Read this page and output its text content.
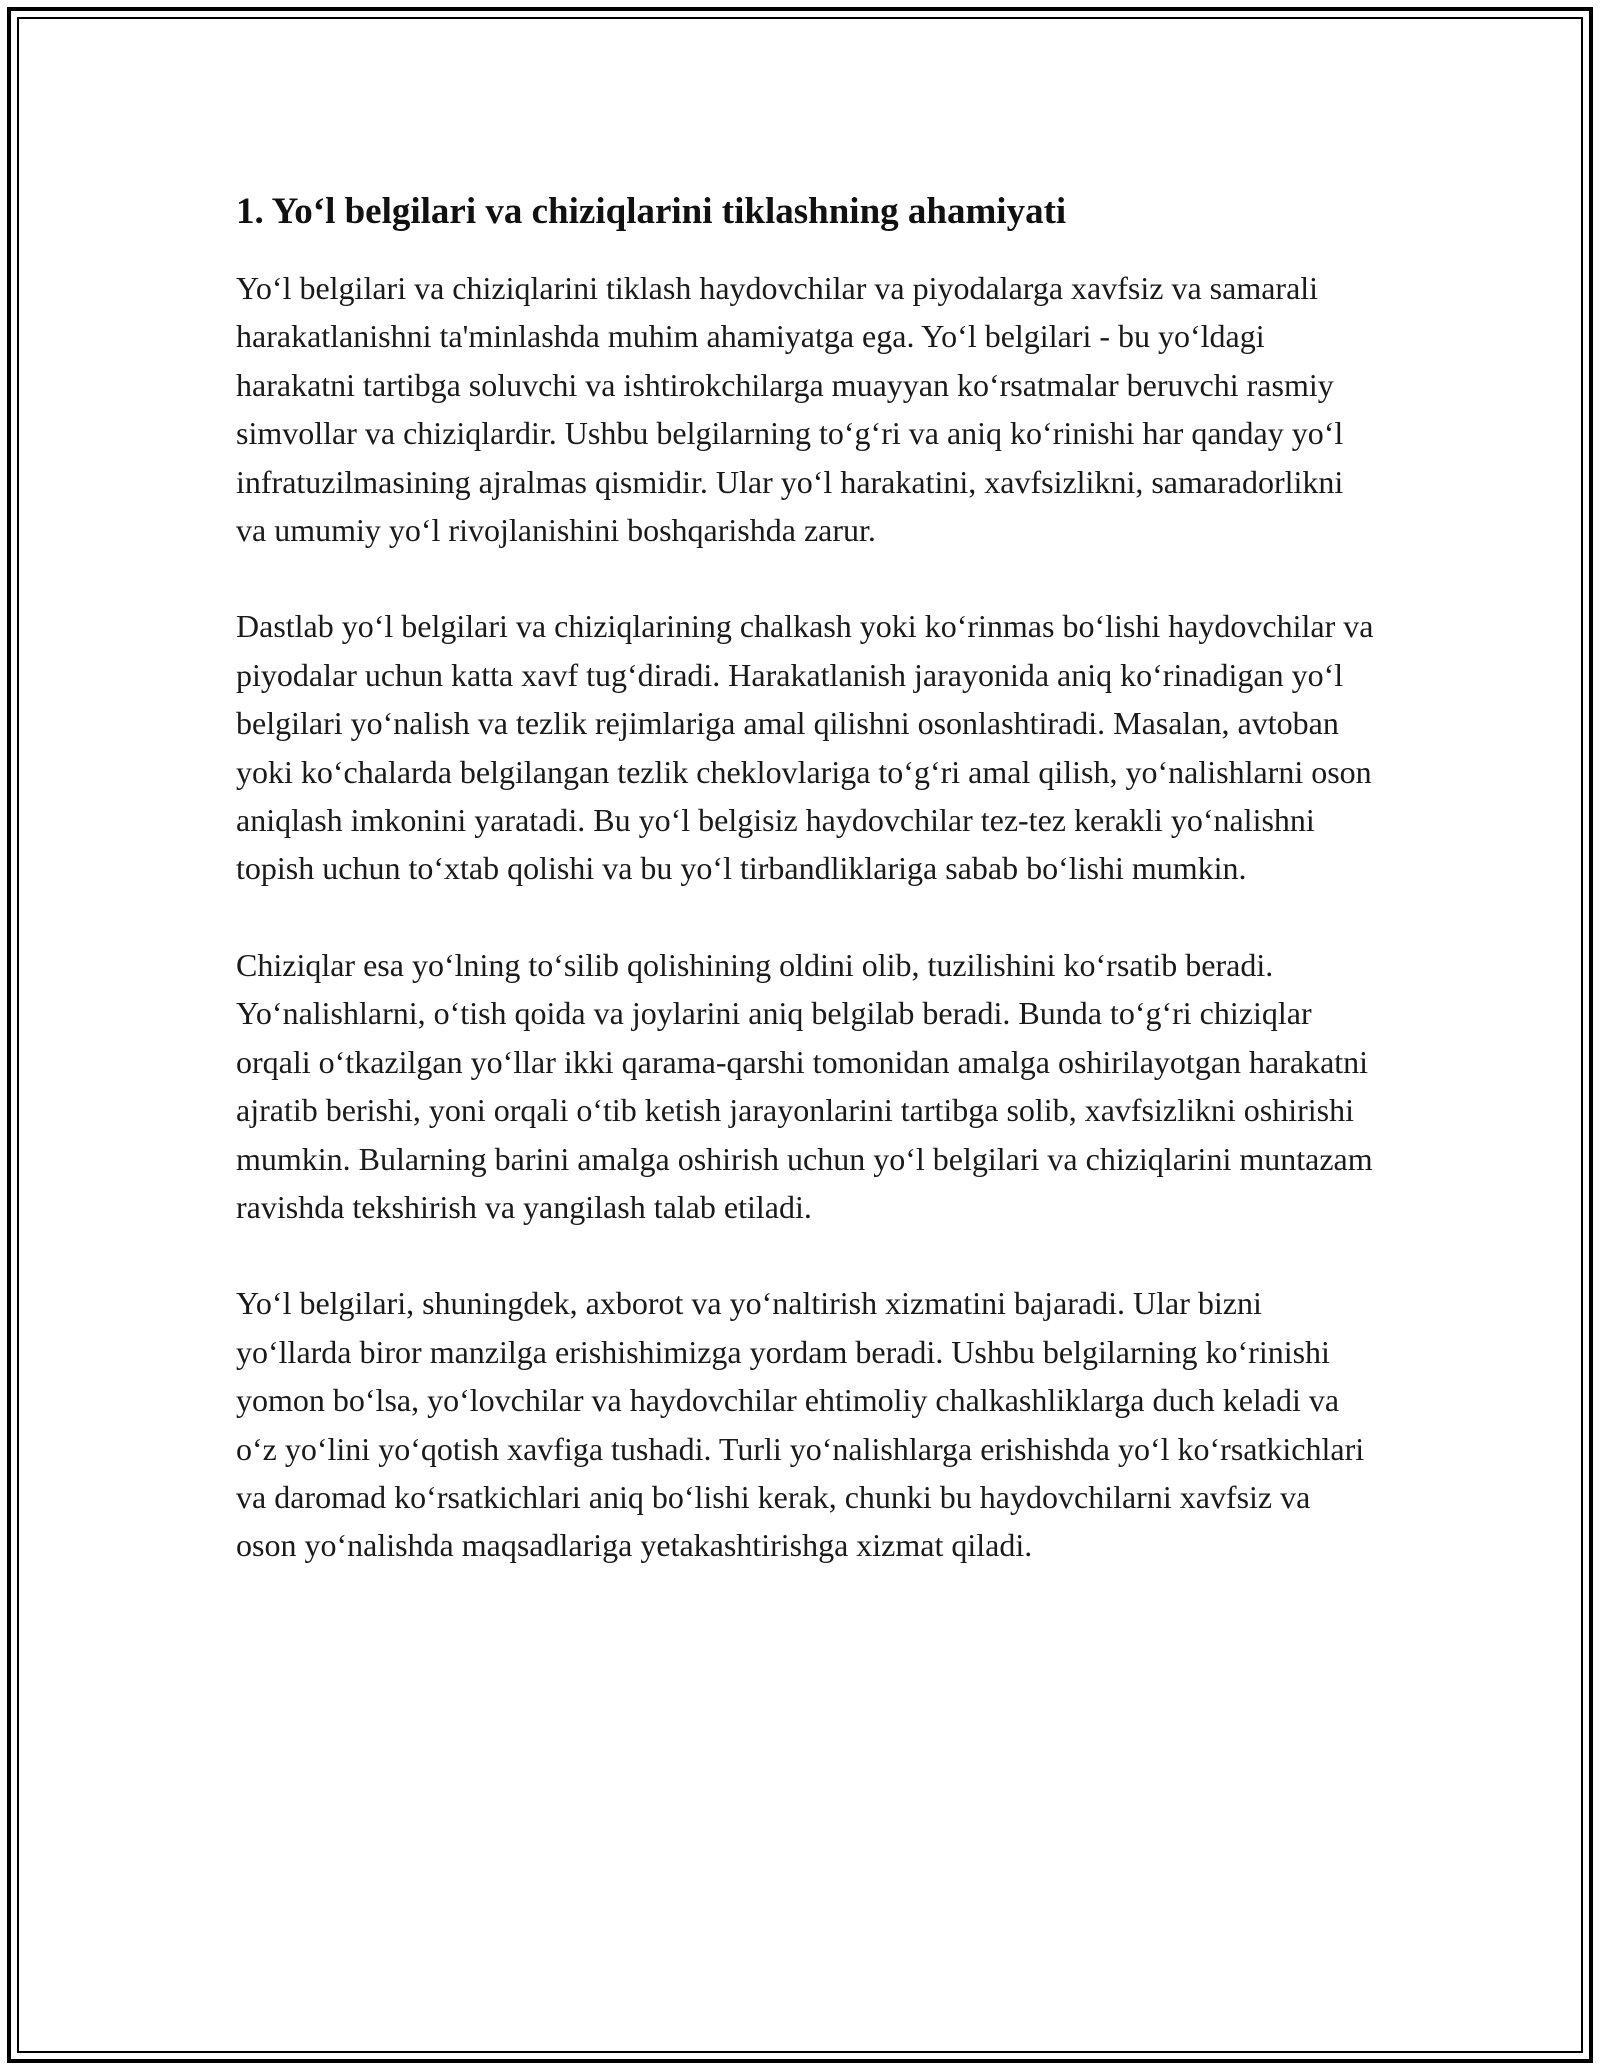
1. Yo‘l belgilari va chiziqlarini tiklashning ahamiyati

Yo‘l belgilari va chiziqlarini tiklash haydovchilar va piyodalarga xavfsiz va samarali harakatlanishni ta'minlashda muhim ahamiyatga ega. Yo‘l belgilari - bu yo‘ldagi harakatni tartibga soluvchi va ishtirokchilarga muayyan ko‘rsatmalar beruvchi rasmiy simvollar va chiziqlardir. Ushbu belgilarning to‘g‘ri va aniq ko‘rinishi har qanday yo‘l infratuzilmasining ajralmas qismidir. Ular yo‘l harakatini, xavfsizlikni, samaradorlikni va umumiy yo‘l rivojlanishini boshqarishda zarur.

Dastlab yo‘l belgilari va chiziqlarining chalkash yoki ko‘rinmas bo‘lishi haydovchilar va piyodalar uchun katta xavf tug‘diradi. Harakatlanish jarayonida aniq ko‘rinadigan yo‘l belgilari yo‘nalish va tezlik rejimlariga amal qilishni osonlashtiradi. Masalan, avtoban yoki ko‘chalarda belgilangan tezlik cheklovlariga to‘g‘ri amal qilish, yo‘nalishlarni oson aniqlash imkonini yaratadi. Bu yo‘l belgisiz haydovchilar tez-tez kerakli yo‘nalishni topish uchun to‘xtab qolishi va bu yo‘l tirbandliklariga sabab bo‘lishi mumkin.

Chiziqlar esa yo‘lning to‘silib qolishining oldini olib, tuzilishini ko‘rsatib beradi. Yo‘nalishlarni, o‘tish qoida va joylarini aniq belgilab beradi. Bunda to‘g‘ri chiziqlar orqali o‘tkazilgan yo‘llar ikki qarama-qarshi tomonidan amalga oshirilayotgan harakatni ajratib berishi, yoni orqali o‘tib ketish jarayonlarini tartibga solib, xavfsizlikni oshirishi mumkin. Bularning barini amalga oshirish uchun yo‘l belgilari va chiziqlarini muntazam ravishda tekshirish va yangilash talab etiladi.

Yo‘l belgilari, shuningdek, axborot va yo‘naltirish xizmatini bajaradi. Ular bizni yo‘llarda biror manzilga erishishimizga yordam beradi. Ushbu belgilarning ko‘rinishi yomon bo‘lsa, yo‘lovchilar va haydovchilar ehtimoliy chalkashliklarga duch keladi va o‘z yo‘lini yo‘qotish xavfiga tushadi. Turli yo‘nalishlarga erishishda yo‘l ko‘rsatkichlari va daromad ko‘rsatkichlari aniq bo‘lishi kerak, chunki bu haydovchilarni xavfsiz va oson yo‘nalishda maqsadlariga yetakashtirishga xizmat qiladi.
